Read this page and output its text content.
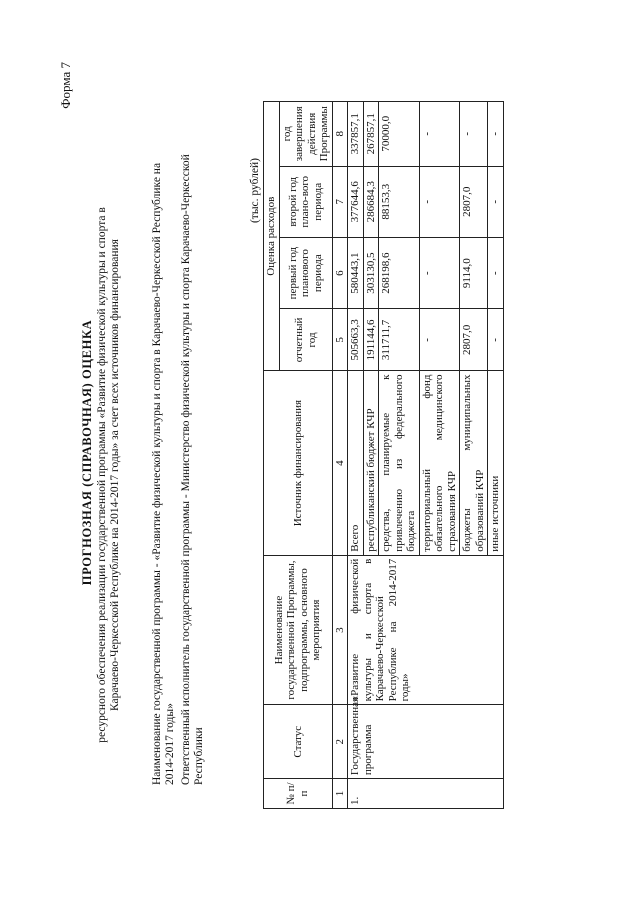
Форма 7
ПРОГНОЗНАЯ (СПРАВОЧНАЯ) ОЦЕНКА ресурсного обеспечения реализации государственной программы «Развитие физической культуры и спорта в Карачаево-Черкесской Республике на 2014-2017 годы» за счет всех источников финансирования	Наименование государственной программы - «Развитие физической культуры и спорта в Карачаево-Черкесской Республике на 2014-2017 годы» Ответственный исполнитель государственной программы - Министерство физической культуры и спорта Карачаево-Черкесской Республики
(тыс. рублей)
№ п/п	Статус	Наименование государственной Программы, подпрограммы, основного мероприятия	Источник финансирования	Оценка расходов			
				отчетный год	первый год планового периода	второй год плано-вого периода	год завершения действия Программы
1	2	3	4	5	6	7	8
1.	Государственная программа	«Развитие физической культуры и спорта в Карачаево-Черкесской Республике на 2014-2017 годы»	Всего	505663,3	580443,1	377644,6	337857,1
			республиканский бюджет КЧР	191144,6	303130,5	286684,3	267857,1
			средства, планируемые к привлечению из федерального бюджета	311711,7	268198,6	88153,3	70000,0
			территориальный фонд обязательного медицинского страхования КЧР	-	-	-	-
			бюджеты муниципальных образований КЧР	2807,0	9114,0	2807,0	-
			иные источники	-	-	-	-
